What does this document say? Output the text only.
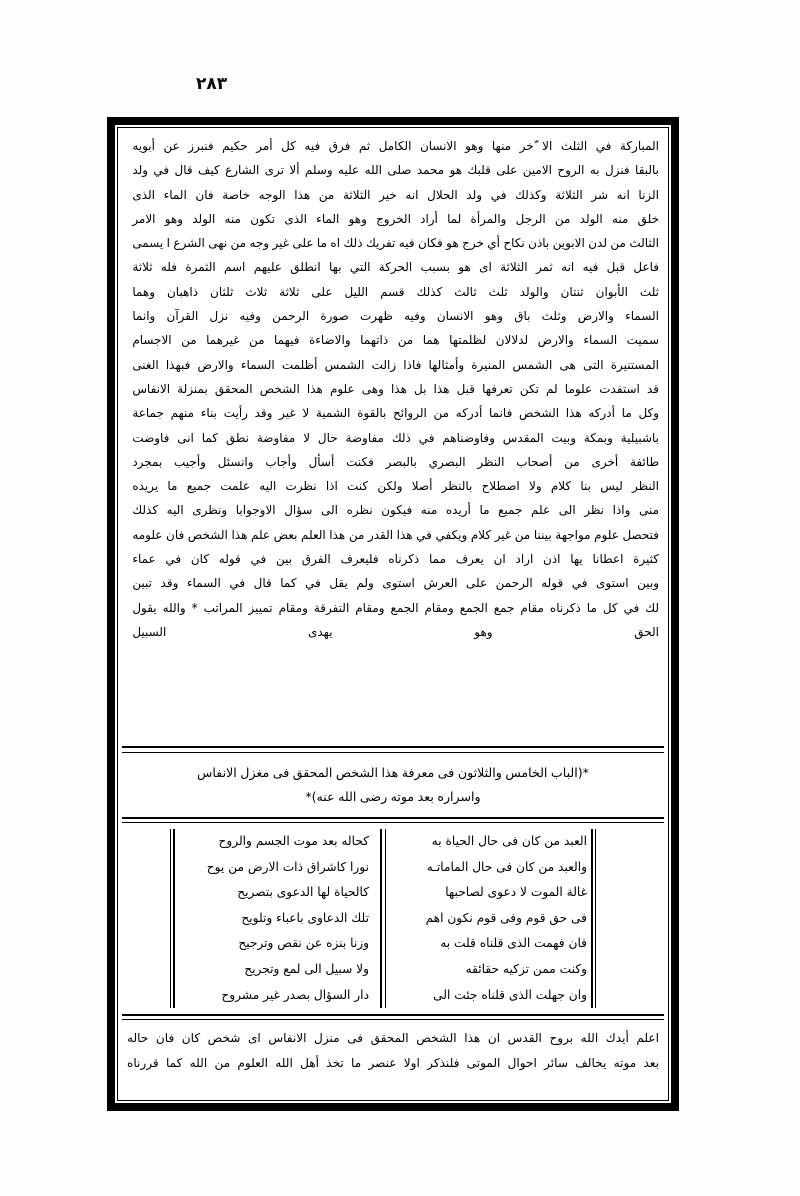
٢٨٣
المباركة في الثلث الا ّخر منها وهو الانسان الكامل ثم فرق فيه كل أمر حكيم فنبرز عن أبويه
بالبقا فنزل به الروح الامين على قلبك هو محمد صلى الله عليه وسلم ألا ترى الشارع كيف قال في ولد
الزنا انه شر الثلاثة وكذلك في ولد الحلال انه خير الثلاثة من هذا الوجه خاصة فان الماء الذى
خلق منه الولد من الرجل والمرأة لما أراد الخروج وهو الماء الذى تكون منه الولد وهو الامر
الثالث من لدن الابوين باذن نكاح أي خرج هو فكان فيه تفريك ذلك اه ما على غير وجه من نهى الشرع ا يسمى
فاعل قبل فيه انه ثمر الثلاثة اى هو بسبب الحركة التي بها انطلق عليهم اسم الثمرة فله ثلاثة
ثلث الأبوان ثنتان والولد ثلث ثالث كذلك قسم الليل على ثلاثة ثلاث ثلثان ذاهبان وهما
السماء والارض وثلث باق وهو الانسان وفيه ظهرت صورة الرحمن وفيه نزل القرآن وانما
سميت السماء والارض لدلالان لظلمتها هما من ذاتهما والاضاءة فيهما من غيرهما من الاجسام
المستنيرة التى هى الشمس المنيرة وأمثالها فاذا زالت الشمس أظلمت السماء والارض فبهذا الغنى
قد استفدت علوما لم تكن تعرفها قبل هذا بل هذا وهى علوم هذا الشخص المحقق بمنزلة الانفاس
وكل ما أدركه هذا الشخص فانما أدركه من الروائح بالقوة الشمية لا غير وقد رأيت بناء منهم جماعة
باشبيلية وبمكة وبيت المقدس وفاوضناهم في ذلك مفاوضة حال لا مفاوضة نطق كما انى فاوضت
طائفة أخرى من أصحاب النظر البصري بالبصر فكنت أسأل وأجاب وانسئل وأجيب بمجرد
النظر ليس بنا كلام ولا اصطلاح بالنظر أصلا ولكن كنت اذا نظرت اليه علمت جميع ما يريده
منى واذا نظر الى علم جميع ما أريده منه فيكون نظره الى سؤال الاوجوابا ونظرى اليه كذلك
فتحصل علوم مواجهة بيننا من غير كلام ويكفي في هذا القدر من هذا العلم بعض علم هذا الشخص فان علومه
كثيرة اعطانا يها اذن اراد ان يعرف مما ذكرناه فليعرف الفرق بين في قوله كان في عماء
وبين استوى في قوله الرحمن على العرش استوى ولم يقل في كما قال في السماء وقد تبين
لك في كل ما ذكرناه مقام جمع الجمع ومقام الجمع ومقام التفرقة ومقام تمييز المراتب * والله يقول
الحق وهو يهدى السبيل
*(الباب الخامس والثلاثون فى معرفة هذا الشخص المحقق فى مغزل الانفاس
واسراره بعد موته رضى الله عنه)*
العبد من كان فى حال الحياة به
والعبد من كان فى حال الماماتـه
غالة الموت لا دعوى لصاحبها
فى حق قوم وفى قوم نكون اهم
فان فهمت الذى قلناه قلت به
وكنت ممن تزكيه حقائقه
وان جهلت الذى قلناه جئت الى
كحاله بعد موت الجسم والروح
نورا كاشراق ذات الارض من يوح
كالحياة لها الدعوى بتصريح
تلك الدعاوى باعباء وتلويح
وزنا بنزه عن نقص وترجيح
ولا سبيل الى لمع وتجريح
دار السؤال بصدر غير مشروح
اعلم أيدك الله بروح القدس ان هذا الشخص المحقق فى منزل الانفاس اى شخص كان فان حاله
بعد موته يخالف سائر احوال الموتى فلنذكر اولا عنصر ما تخذ أهل الله العلوم من الله كما قررناه
